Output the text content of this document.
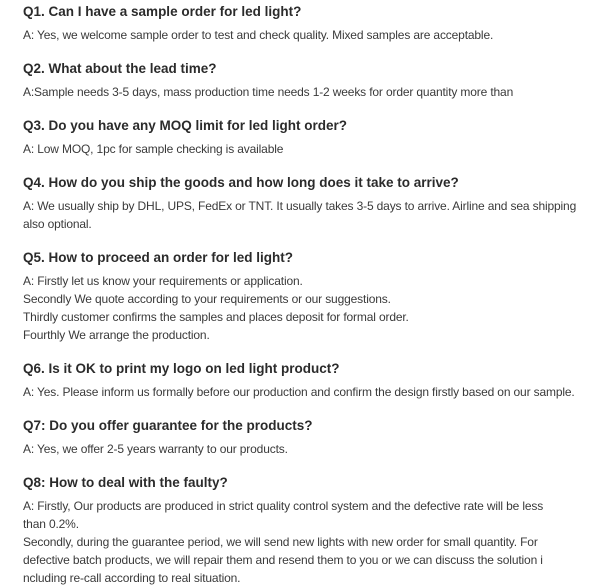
Q1. Can I have a sample order for led light?
A: Yes, we welcome sample order to test and check quality. Mixed samples are acceptable.
Q2. What about the lead time?
A:Sample needs 3-5 days, mass production time needs 1-2 weeks for order quantity more than
Q3. Do you have any MOQ limit for led light order?
A: Low MOQ, 1pc for sample checking is available
Q4. How do you ship the goods and how long does it take to arrive?
A: We usually ship by DHL, UPS, FedEx or TNT. It usually takes 3-5 days to arrive. Airline and sea shipping
also optional.
Q5. How to proceed an order for led light?
A: Firstly let us know your requirements or application.
Secondly We quote according to your requirements or our suggestions.
Thirdly customer confirms the samples and places deposit for formal order.
Fourthly We arrange the production.
Q6. Is it OK to print my logo on led light product?
A: Yes. Please inform us formally before our production and confirm the design firstly based on our sample.
Q7: Do you offer guarantee for the products?
A: Yes, we offer 2-5 years warranty to our products.
Q8: How to deal with the faulty?
A: Firstly, Our products are produced in strict quality control system and the defective rate will be less
than 0.2%.
Secondly, during the guarantee period, we will send new lights with new order for small quantity. For
defective batch products, we will repair them and resend them to you or we can discuss the solution i
ncluding re-call according to real situation.
